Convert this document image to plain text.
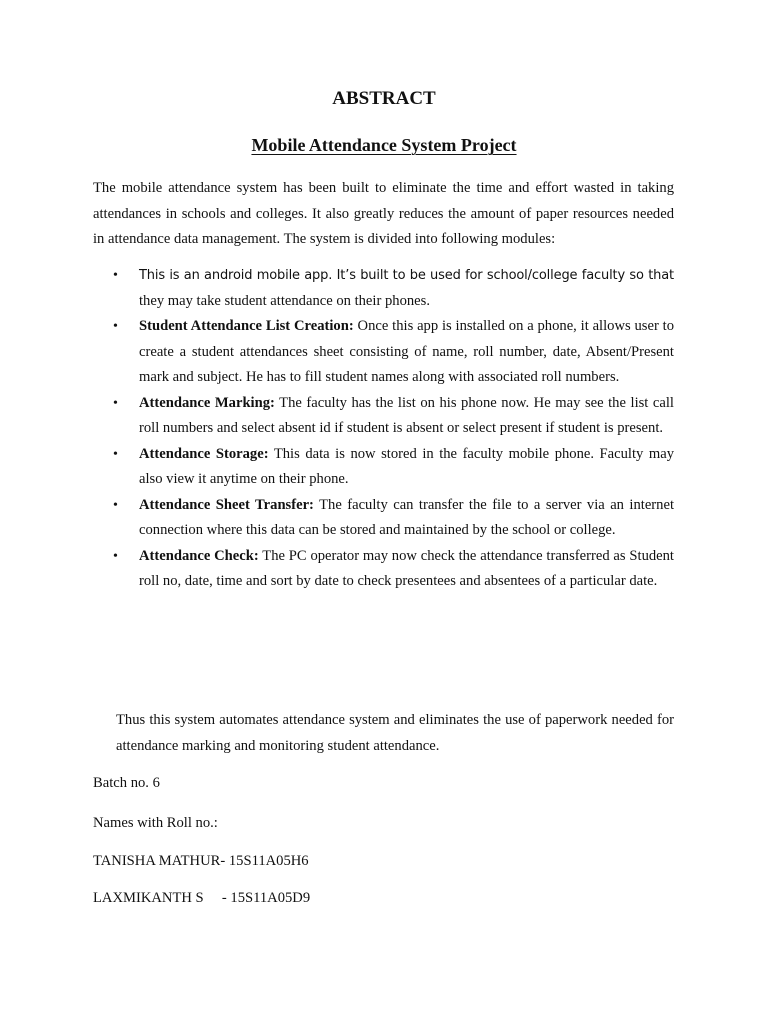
ABSTRACT
Mobile Attendance System Project

The mobile attendance system has been built to eliminate the time and effort wasted in taking attendances in schools and colleges. It also greatly reduces the amount of paper resources needed in attendance data management. The system is divided into following modules:

•	This is an android mobile app. It’s built to be used for school/college faculty so that they may take student attendance on their phones.
•	Student Attendance List Creation: Once this app is installed on a phone, it allows user to create a student attendances sheet consisting of name, roll number, date, Absent/Present mark and subject. He has to fill student names along with associated roll numbers.
•	Attendance Marking: The faculty has the list on his phone now. He may see the list call roll numbers and select absent id if student is absent or select present if student is present.
•	Attendance Storage: This data is now stored in the faculty mobile phone. Faculty may also view it anytime on their phone.
•	Attendance Sheet Transfer: The faculty can transfer the file to a server via an internet connection where this data can be stored and maintained by the school or college.
•	Attendance Check: The PC operator may now check the attendance transferred as Student roll no, date, time and sort by date to check presentees and absentees of a particular date.

Thus this system automates attendance system and eliminates the use of paperwork needed for attendance marking and monitoring student attendance.

Batch no. 6

Names with Roll no.:

TANISHA MATHUR- 15S11A05H6

LAXMIKANTH S     - 15S11A05D9
